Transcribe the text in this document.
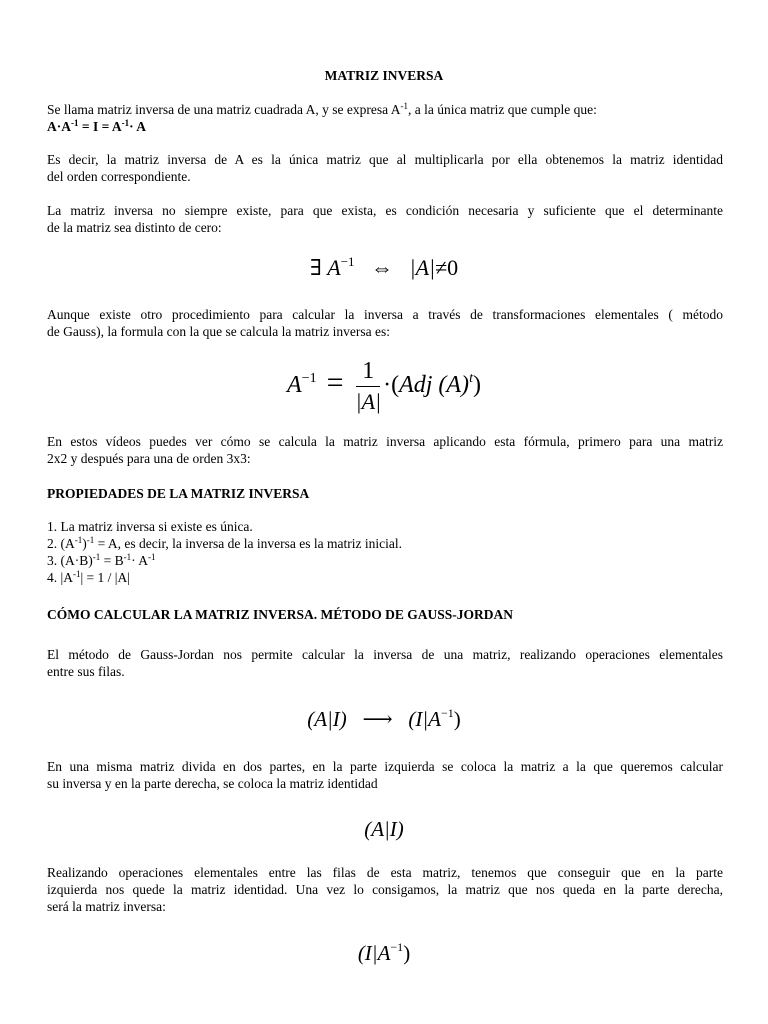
MATRIZ INVERSA
Se llama matriz inversa de una matriz cuadrada A, y se expresa $A^{-1}$, a la única matriz que cumple que:
$A\cdot A^{-1} = I = A^{-1}\cdot A$
Es decir, la matriz inversa de A es la única matriz que al multiplicarla por ella obtenemos la matriz identidad
del orden correspondiente.
La matriz inversa no siempre existe, para que exista, es condición necesaria y suficiente que el determinante
de la matriz sea distinto de cero:
∃ $A^{-1}$ ⇔ |A|≠0
Aunque existe otro procedimiento para calcular la inversa a través de transformaciones elementales ( método
de Gauss), la formula con la que se calcula la matriz inversa es:
$A^{-1} = \frac{1}{|A|} \cdot(Adj$ $(A)^t$)
En estos vídeos puedes ver cómo se calcula la matriz inversa aplicando esta fórmula, primero para una matriz
2x2 y después para una de orden 3x3:
PROPIEDADES DE LA MATRIZ INVERSA
1. La matriz inversa si existe es única.
2. $(A^{-1})^{-1} = A$, es decir, la inversa de la inversa es la matriz inicial.
3. $(A\cdot B)^{-1} = B^{-1}\cdot A^{-1}$
4. $|A^{-1}| = 1 / |A|$
CÓMO CALCULAR LA MATRIZ INVERSA. MÉTODO DE GAUSS-JORDAN
El método de Gauss-Jordan nos permite calcular la inversa de una matriz, realizando operaciones elementales
entre sus filas.
(A|I) ⟶ $(I|A^{-1})$
En una misma matriz divida en dos partes, en la parte izquierda se coloca la matriz a la que queremos calcular
su inversa y en la parte derecha, se coloca la matriz identidad
(A|I)
Realizando operaciones elementales entre las filas de esta matriz, tenemos que conseguir que en la parte
izquierda nos quede la matriz identidad. Una vez lo consigamos, la matriz que nos queda en la parte derecha,
será la matriz inversa:
$(I|A^{-1})$
